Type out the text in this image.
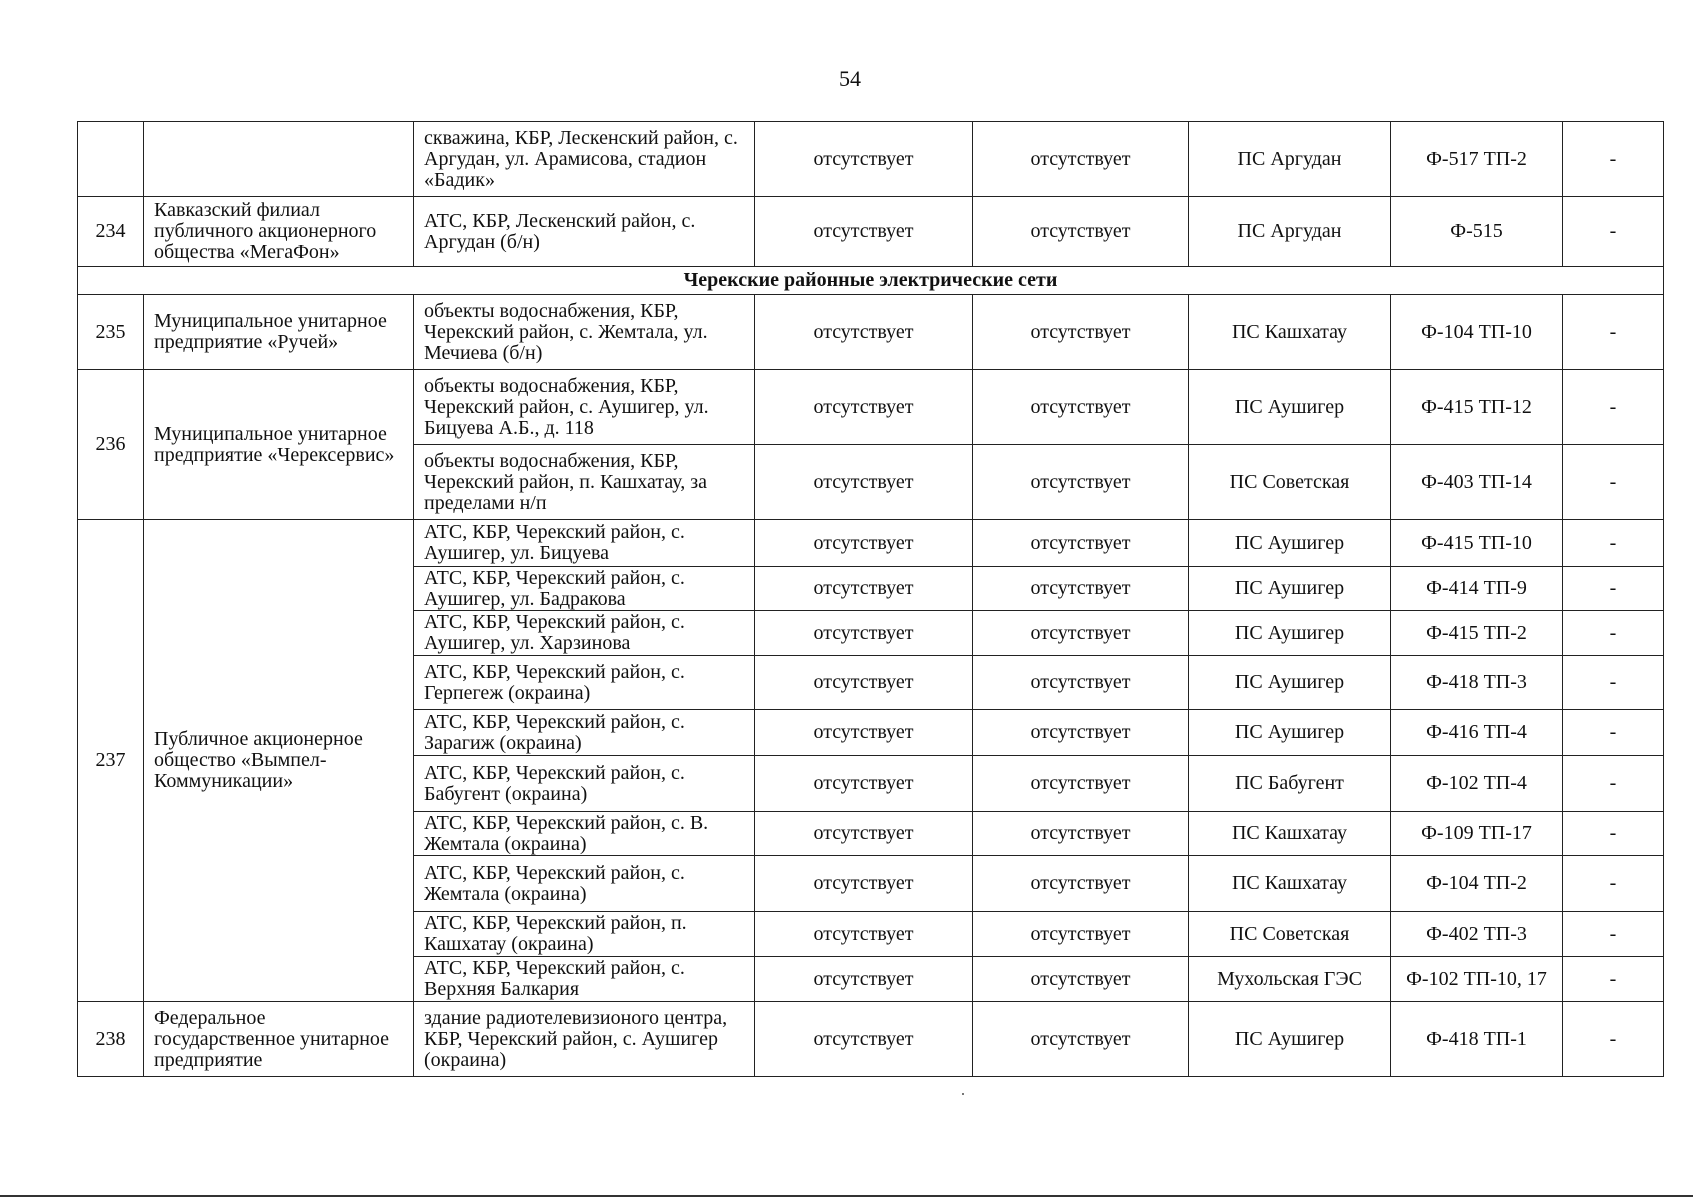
54
		скважина, КБР, Лескенский район, с. Аргудан, ул. Арамисова, стадион «Бадик»	отсутствует	отсутствует	ПС Аргудан	Ф-517 ТП-2	-
234	Кавказский филиал публичного акционерного общества «МегаФон»	АТС, КБР, Лескенский район, с. Аргудан (б/н)	отсутствует	отсутствует	ПС Аргудан	Ф-515	-
Черекские районные электрические сети							
235	Муниципальное унитарное предприятие «Ручей»	объекты водоснабжения, КБР, Черекский район, с. Жемтала, ул. Мечиева (б/н)	отсутствует	отсутствует	ПС Кашхатау	Ф-104 ТП-10	-
236	Муниципальное унитарное предприятие «Черексервис»	объекты водоснабжения, КБР, Черекский район, с. Аушигер, ул. Бицуева А.Б., д. 118	отсутствует	отсутствует	ПС Аушигер	Ф-415 ТП-12	-
		объекты водоснабжения, КБР, Черекский район, п. Кашхатау, за пределами н/п	отсутствует	отсутствует	ПС Советская	Ф-403 ТП-14	-
237	Публичное акционерное общество «Вымпел-Коммуникации»	АТС, КБР, Черекский район, с. Аушигер, ул. Бицуева	отсутствует	отсутствует	ПС Аушигер	Ф-415 ТП-10	-
		АТС, КБР, Черекский район, с. Аушигер, ул. Бадракова	отсутствует	отсутствует	ПС Аушигер	Ф-414 ТП-9	-
		АТС, КБР, Черекский район, с. Аушигер, ул. Харзинова	отсутствует	отсутствует	ПС Аушигер	Ф-415 ТП-2	-
		АТС, КБР, Черекский район, с. Герпегеж (окраина)	отсутствует	отсутствует	ПС Аушигер	Ф-418 ТП-3	-
		АТС, КБР, Черекский район, с. Зарагиж (окраина)	отсутствует	отсутствует	ПС Аушигер	Ф-416 ТП-4	-
		АТС, КБР, Черекский район, с. Бабугент (окраина)	отсутствует	отсутствует	ПС Бабугент	Ф-102 ТП-4	-
		АТС, КБР, Черекский район, с. В. Жемтала (окраина)	отсутствует	отсутствует	ПС Кашхатау	Ф-109 ТП-17	-
		АТС, КБР, Черекский район, с. Жемтала (окраина)	отсутствует	отсутствует	ПС Кашхатау	Ф-104 ТП-2	-
		АТС, КБР, Черекский район, п. Кашхатау (окраина)	отсутствует	отсутствует	ПС Советская	Ф-402 ТП-3	-
		АТС, КБР, Черекский район, с. Верхняя Балкария	отсутствует	отсутствует	Мухольская ГЭС	Ф-102 ТП-10, 17	-
238	Федеральное государственное унитарное предприятие	здание радиотелевизионого центра, КБР, Черекский район, с. Аушигер (окраина)	отсутствует	отсутствует	ПС Аушигер	Ф-418 ТП-1	-
